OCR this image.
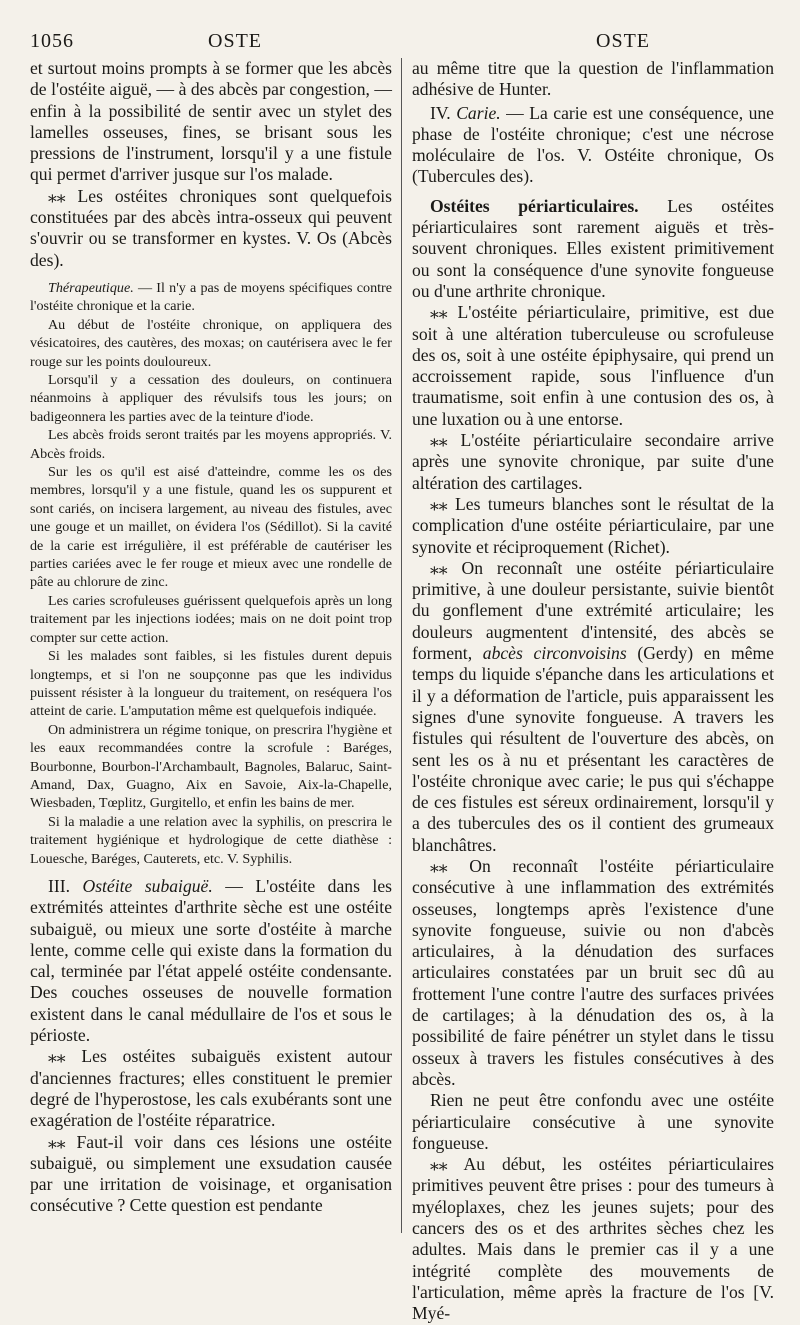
1056	OSTE	OSTE

et surtout moins prompts à se former que les abcès de l'ostéite aiguë, — à des abcès par congestion, — enfin à la possibilité de sentir avec un stylet des lamelles osseuses, fines, se brisant sous les pressions de l'instrument, lorsqu'il y a une fistule qui permet d'arriver jusque sur l'os malade.

⁎⁎ Les ostéites chroniques sont quelquefois constituées par des abcès intra-osseux qui peuvent s'ouvrir ou se transformer en kystes. V. Os (Abcès des).

Thérapeutique. — Il n'y a pas de moyens spécifiques contre l'ostéite chronique et la carie.

Au début de l'ostéite chronique, on appliquera des vésicatoires, des cautères, des moxas; on cautérisera avec le fer rouge sur les points douloureux.

Lorsqu'il y a cessation des douleurs, on continuera néanmoins à appliquer des révulsifs tous les jours; on badigeonnera les parties avec de la teinture d'iode.

Les abcès froids seront traités par les moyens appropriés. V. Abcès froids.

Sur les os qu'il est aisé d'atteindre, comme les os des membres, lorsqu'il y a une fistule, quand les os suppurent et sont cariés, on incisera largement, au niveau des fistules, avec une gouge et un maillet, on évidera l'os (Sédillot). Si la cavité de la carie est irrégulière, il est préférable de cautériser les parties cariées avec le fer rouge et mieux avec une rondelle de pâte au chlorure de zinc.

Les caries scrofuleuses guérissent quelquefois après un long traitement par les injections iodées; mais on ne doit point trop compter sur cette action.

Si les malades sont faibles, si les fistules durent depuis longtemps, et si l'on ne soupçonne pas que les individus puissent résister à la longueur du traitement, on reséquera l'os atteint de carie. L'amputation même est quelquefois indiquée.

On administrera un régime tonique, on prescrira l'hygiène et les eaux recommandées contre la scrofule : Baréges, Bourbonne, Bourbon-l'Archambault, Bagnoles, Balaruc, Saint-Amand, Dax, Guagno, Aix en Savoie, Aix-la-Chapelle, Wiesbaden, Tœplitz, Gurgitello, et enfin les bains de mer.

Si la maladie a une relation avec la syphilis, on prescrira le traitement hygiénique et hydrologique de cette diathèse : Louesche, Baréges, Cauterets, etc. V. Syphilis.

III. Ostéite subaiguë. — L'ostéite dans les extrémités atteintes d'arthrite sèche est une ostéite subaiguë, ou mieux une sorte d'ostéite à marche lente, comme celle qui existe dans la formation du cal, terminée par l'état appelé ostéite condensante. Des couches osseuses de nouvelle formation existent dans le canal médullaire de l'os et sous le périoste.

⁎⁎ Les ostéites subaiguës existent autour d'anciennes fractures; elles constituent le premier degré de l'hyperostose, les cals exubérants sont une exagération de l'ostéite réparatrice.

⁎⁎ Faut-il voir dans ces lésions une ostéite subaiguë, ou simplement une exsudation causée par une irritation de voisinage, et organisation consécutive ? Cette question est pendante

au même titre que la question de l'inflammation adhésive de Hunter.

IV. Carie. — La carie est une conséquence, une phase de l'ostéite chronique; c'est une nécrose moléculaire de l'os. V. Ostéite chronique, Os (Tubercules des).

Ostéites périarticulaires. Les ostéites périarticulaires sont rarement aiguës et très-souvent chroniques. Elles existent primitivement ou sont la conséquence d'une synovite fongueuse ou d'une arthrite chronique.

⁎⁎ L'ostéite périarticulaire, primitive, est due soit à une altération tuberculeuse ou scrofuleuse des os, soit à une ostéite épiphysaire, qui prend un accroissement rapide, sous l'influence d'un traumatisme, soit enfin à une contusion des os, à une luxation ou à une entorse.

⁎⁎ L'ostéite périarticulaire secondaire arrive après une synovite chronique, par suite d'une altération des cartilages.

⁎⁎ Les tumeurs blanches sont le résultat de la complication d'une ostéite périarticulaire, par une synovite et réciproquement (Richet).

⁎⁎ On reconnaît une ostéite périarticulaire primitive, à une douleur persistante, suivie bientôt du gonflement d'une extrémité articulaire; les douleurs augmentent d'intensité, des abcès se forment, abcès circonvoisins (Gerdy) en même temps du liquide s'épanche dans les articulations et il y a déformation de l'article, puis apparaissent les signes d'une synovite fongueuse. A travers les fistules qui résultent de l'ouverture des abcès, on sent les os à nu et présentant les caractères de l'ostéite chronique avec carie; le pus qui s'échappe de ces fistules est séreux ordinairement, lorsqu'il y a des tubercules des os il contient des grumeaux blanchâtres.

⁎⁎ On reconnaît l'ostéite périarticulaire consécutive à une inflammation des extrémités osseuses, longtemps après l'existence d'une synovite fongueuse, suivie ou non d'abcès articulaires, à la dénudation des surfaces articulaires constatées par un bruit sec dû au frottement l'une contre l'autre des surfaces privées de cartilages; à la dénudation des os, à la possibilité de faire pénétrer un stylet dans le tissu osseux à travers les fistules consécutives à des abcès.

Rien ne peut être confondu avec une ostéite périarticulaire consécutive à une synovite fongueuse.

⁎⁎ Au début, les ostéites périarticulaires primitives peuvent être prises : pour des tumeurs à myéloplaxes, chez les jeunes sujets; pour des cancers des os et des arthrites sèches chez les adultes. Mais dans le premier cas il y a une intégrité complète des mouvements de l'articulation, même après la fracture de l'os [V. Myé-
